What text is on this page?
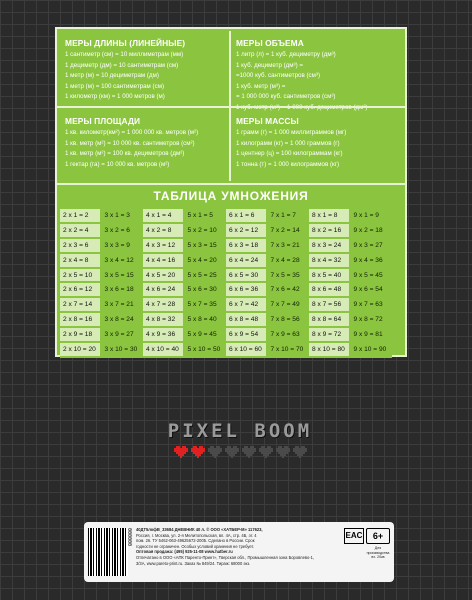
МЕРЫ ДЛИНЫ (ЛИНЕЙНЫЕ)
1 сантиметр (см) = 10 миллиметрам (мм)
1 дециметр (дм) = 10 сантиметрам (см)
1 метр (м) = 10 дециметрам (дм)
1 метр (м) = 100 сантиметрам (см)
1 километр (км) = 1 000 метров (м)
МЕРЫ ОБЪЕМА
1 литр (л) = 1 куб. дециметру (дм³)
1 куб. дециметр (дм³) =
=1000 куб. сантиметров (см³)
1 куб. метр (м³) =
= 1 000 000 куб. сантиметров (см³)
МЕРЫ ПЛОЩАДИ
1 кв. километр(км²) = 1 000 000 кв. метров (м²)
1 кв. метр (м²) = 10 000 кв. сантиметров (см²)
1 кв. метр (м²) = 100 кв. дециметров (дм²)
1 гектар (га) = 10 000 кв. метров (м²)
МЕРЫ МАССЫ
1 грамм (г) = 1 000 миллиграммов (мг)
1 килограмм (кг) = 1 000 граммов (г)
1 центнер (ц) = 100 килограммам (кг)
1 тонна (т) = 1 000 килограммов (кг)
ТАБЛИЦА УМНОЖЕНИЯ
2 x 1 = 2	3 x 1 = 3	4 x 1 = 4	5 x 1 = 5	6 x 1 = 6	7 x 1 = 7	8 x 1 = 8	9 x 1 = 9
2 x 2 = 4	3 x 2 = 6	4 x 2 = 8	5 x 2 = 10	6 x 2 = 12	7 x 2 = 14	8 x 2 = 16	9 x 2 = 18
2 x 3 = 6	3 x 3 = 9	4 x 3 = 12	5 x 3 = 15	6 x 3 = 18	7 x 3 = 21	8 x 3 = 24	9 x 3 = 27
2 x 4 = 8	3 x 4 = 12	4 x 4 = 16	5 x 4 = 20	6 x 4 = 24	7 x 4 = 28	8 x 4 = 32	9 x 4 = 36
2 x 5 = 10	3 x 5 = 15	4 x 5 = 20	5 x 5 = 25	6 x 5 = 30	7 x 5 = 35	8 x 5 = 40	9 x 5 = 45
2 x 6 = 12	3 x 6 = 18	4 x 6 = 24	5 x 6 = 30	6 x 6 = 36	7 x 6 = 42	8 x 6 = 48	9 x 6 = 54
2 x 7 = 14	3 x 7 = 21	4 x 7 = 28	5 x 7 = 35	6 x 7 = 42	7 x 7 = 49	8 x 7 = 56	9 x 7 = 63
2 x 8 = 16	3 x 8 = 24	4 x 8 = 32	5 x 8 = 40	6 x 8 = 48	7 x 8 = 56	8 x 8 = 64	9 x 8 = 72
2 x 9 = 18	3 x 9 = 27	4 x 9 = 36	5 x 9 = 45	6 x 9 = 54	7 x 9 = 63	8 x 9 = 72	9 x 9 = 81
2 x 10 = 20	3 x 10 = 30	4 x 10 = 40	5 x 10 = 50	6 x 10 = 60	7 x 10 = 70	8 x 10 = 80	9 x 10 = 90
PIXEL BOOM
000000 40ДТ5лофВ_33684 ДНЕВНИК 40 л. © ООО «ХАТБЕР-М» 117623,
Россия, г. Москва, ул. 2-я Мелитопольская, вл. 4А, стр. 4Б, эт. 4
пом. 26. ТУ 5462-063-49625672-2005. Сделано в России. Срок
годности не ограничен. Особых условий хранения не требует.
Оптовая продажа: (495) 925-11-08 www.hatber.ru
Отпечатано в ООО «АПК Паренто-Принт», Тверская обл., Промышленная зона Боровлево-1,
3/3А, www.pareto-print.ru. Заказ № 849/24. Тираж: 68000 экз.
EAC	6+
Для производства вх. 20кв
